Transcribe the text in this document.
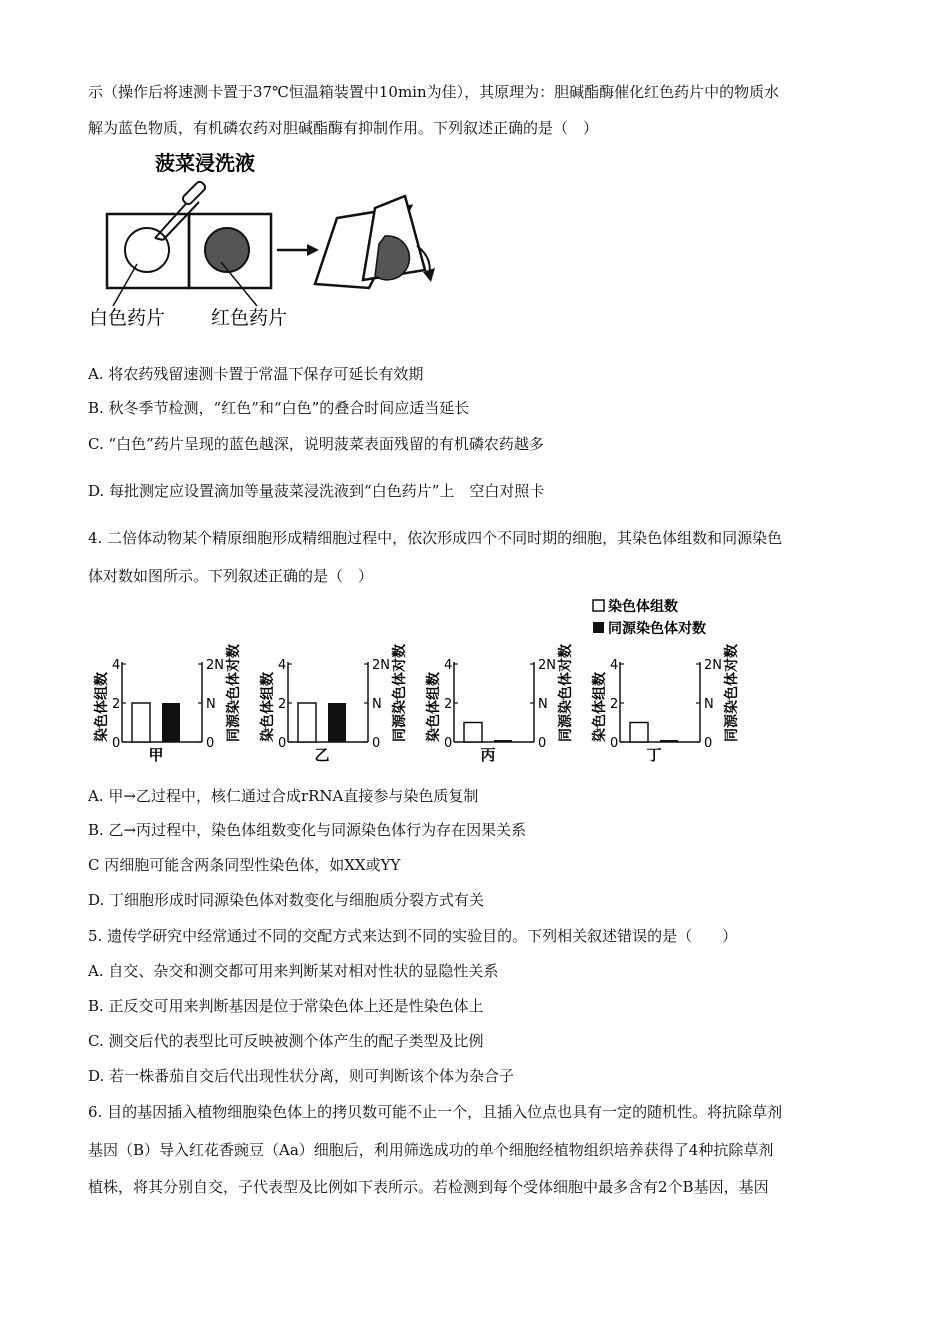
示（操作后将速测卡置于37℃恒温箱装置中10min为佳），其原理为：胆碱酯酶催化红色药片中的物质水
解为蓝色物质，有机磷农药对胆碱酯酶有抑制作用。下列叙述正确的是（　）
菠菜浸洗液
白色药片 红色药片
A. 将农药残留速测卡置于常温下保存可延长有效期
B. 秋冬季节检测，“红色”和“白色”的叠合时间应适当延长
C. “白色”药片呈现的蓝色越深，说明菠菜表面残留的有机磷农药越多
D. 每批测定应设置滴加等量菠菜浸洗液到“白色药片”上　空白对照卡
4. 二倍体动物某个精原细胞形成精细胞过程中，依次形成四个不同时期的细胞，其染色体组数和同源染色
体对数如图所示。下列叙述正确的是（　）
染色体组数
同源染色体对数
染色体组数
4
2
0
2N
N
0
同源染色体对数
甲
染色体组数
4
2
0
2N
N
0
同源染色体对数
乙
染色体组数
4
2
0
2N
N
0
同源染色体对数
丙
染色体组数
4
2
0
2N
N
0
同源染色体对数
丁
A. 甲→乙过程中，核仁通过合成rRNA直接参与染色质复制
B. 乙→丙过程中，染色体组数变化与同源染色体行为存在因果关系
C 丙细胞可能含两条同型性染色体，如XX或YY
D. 丁细胞形成时同源染色体对数变化与细胞质分裂方式有关
5. 遗传学研究中经常通过不同的交配方式来达到不同的实验目的。下列相关叙述错误的是（　　）
A. 自交、杂交和测交都可用来判断某对相对性状的显隐性关系
B. 正反交可用来判断基因是位于常染色体上还是性染色体上
C. 测交后代的表型比可反映被测个体产生的配子类型及比例
D. 若一株番茄自交后代出现性状分离，则可判断该个体为杂合子
6. 目的基因插入植物细胞染色体上的拷贝数可能不止一个，且插入位点也具有一定的随机性。将抗除草剂
基因（B）导入红花香豌豆（Aa）细胞后，利用筛选成功的单个细胞经植物组织培养获得了4种抗除草剂
植株，将其分别自交，子代表型及比例如下表所示。若检测到每个受体细胞中最多含有2个B基因，基因
